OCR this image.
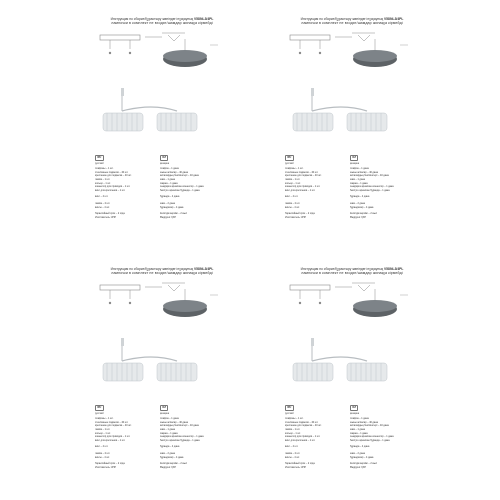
Инструкция по сборке/Құрастыру жөніндегі нұсқаулық V5894-3/4PL
лампочки в комплект не входят/шамдар жинаққа кірмейді
RU
русский
плафоны – 1 шт.
стеклянные подвески – 40 шт.
крепление для подвески – 40 шт.
лампа – 1 шт.
кольцо – 1 шт.
коннектор для проводов – 1 шт.
винт для крепления – 1 шт.
винт – 4 шт.
лампа – 2 шт.
винты – 4 шт.
Гарантийный срок – 2 года
Изготовитель: КНР
KZ
қазақша
плафон – 1 дана
шыны аспалар – 40 дана
аспалардың бекіткіштері – 40 дана
шам – 1 дана
сақина – 1 дана
сымдарға арналған коннектор – 1 дана
бекітуге арналған бұранда – 1 дана
бұранда – 4 дана
шам – 2 дана
бұрандалар – 4 дана
Кепілдік мерзімі – 2 жыл
Өндіруші: ҚХР
Инструкция по сборке/Құрастыру жөніндегі нұсқаулық V5894-3/4PL
лампочки в комплект не входят/шамдар жинаққа кірмейді
RU
русский
плафоны – 1 шт.
стеклянные подвески – 40 шт.
крепление для подвески – 40 шт.
лампа – 1 шт.
кольцо – 1 шт.
коннектор для проводов – 1 шт.
винт для крепления – 1 шт.
винт – 4 шт.
лампа – 2 шт.
винты – 4 шт.
Гарантийный срок – 2 года
Изготовитель: КНР
KZ
қазақша
плафон – 1 дана
шыны аспалар – 40 дана
аспалардың бекіткіштері – 40 дана
шам – 1 дана
сақина – 1 дана
сымдарға арналған коннектор – 1 дана
бекітуге арналған бұранда – 1 дана
бұранда – 4 дана
шам – 2 дана
бұрандалар – 4 дана
Кепілдік мерзімі – 2 жыл
Өндіруші: ҚХР
Инструкция по сборке/Құрастыру жөніндегі нұсқаулық V5894-3/4PL
лампочки в комплект не входят/шамдар жинаққа кірмейді
RU
русский
плафоны – 1 шт.
стеклянные подвески – 40 шт.
крепление для подвески – 40 шт.
лампа – 1 шт.
кольцо – 1 шт.
коннектор для проводов – 1 шт.
винт для крепления – 1 шт.
винт – 4 шт.
лампа – 2 шт.
винты – 4 шт.
Гарантийный срок – 2 года
Изготовитель: КНР
KZ
қазақша
плафон – 1 дана
шыны аспалар – 40 дана
аспалардың бекіткіштері – 40 дана
шам – 1 дана
сақина – 1 дана
сымдарға арналған коннектор – 1 дана
бекітуге арналған бұранда – 1 дана
бұранда – 4 дана
шам – 2 дана
бұрандалар – 4 дана
Кепілдік мерзімі – 2 жыл
Өндіруші: ҚХР
Инструкция по сборке/Құрастыру жөніндегі нұсқаулық V5894-3/4PL
лампочки в комплект не входят/шамдар жинаққа кірмейді
RU
русский
плафоны – 1 шт.
стеклянные подвески – 40 шт.
крепление для подвески – 40 шт.
лампа – 1 шт.
кольцо – 1 шт.
коннектор для проводов – 1 шт.
винт для крепления – 1 шт.
винт – 4 шт.
лампа – 2 шт.
винты – 4 шт.
Гарантийный срок – 2 года
Изготовитель: КНР
KZ
қазақша
плафон – 1 дана
шыны аспалар – 40 дана
аспалардың бекіткіштері – 40 дана
шам – 1 дана
сақина – 1 дана
сымдарға арналған коннектор – 1 дана
бекітуге арналған бұранда – 1 дана
бұранда – 4 дана
шам – 2 дана
бұрандалар – 4 дана
Кепілдік мерзімі – 2 жыл
Өндіруші: ҚХР
